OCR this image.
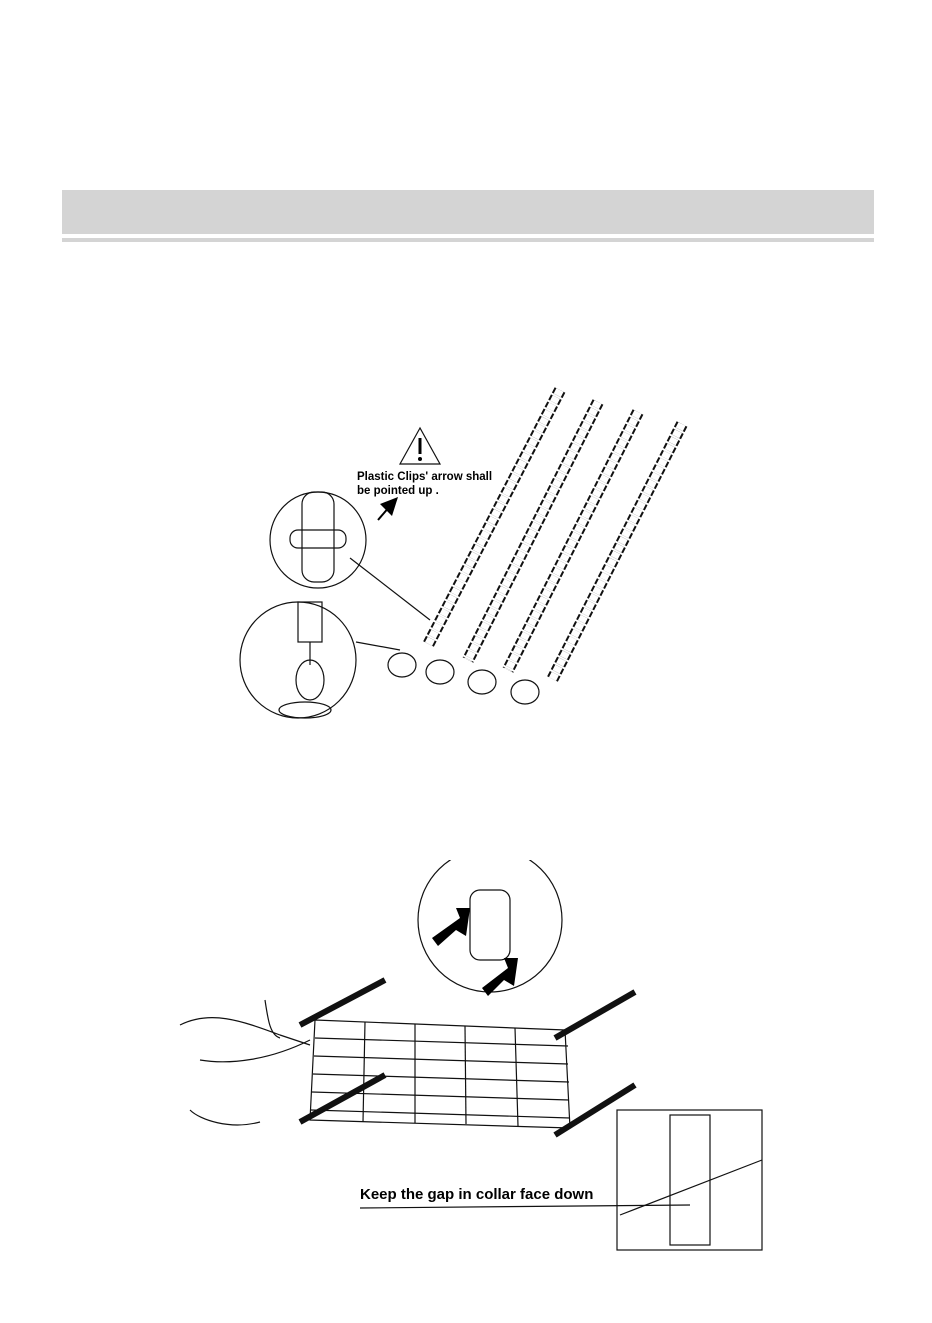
Plastic Clips' arrow shall be pointed up .
Keep the gap in collar face down
